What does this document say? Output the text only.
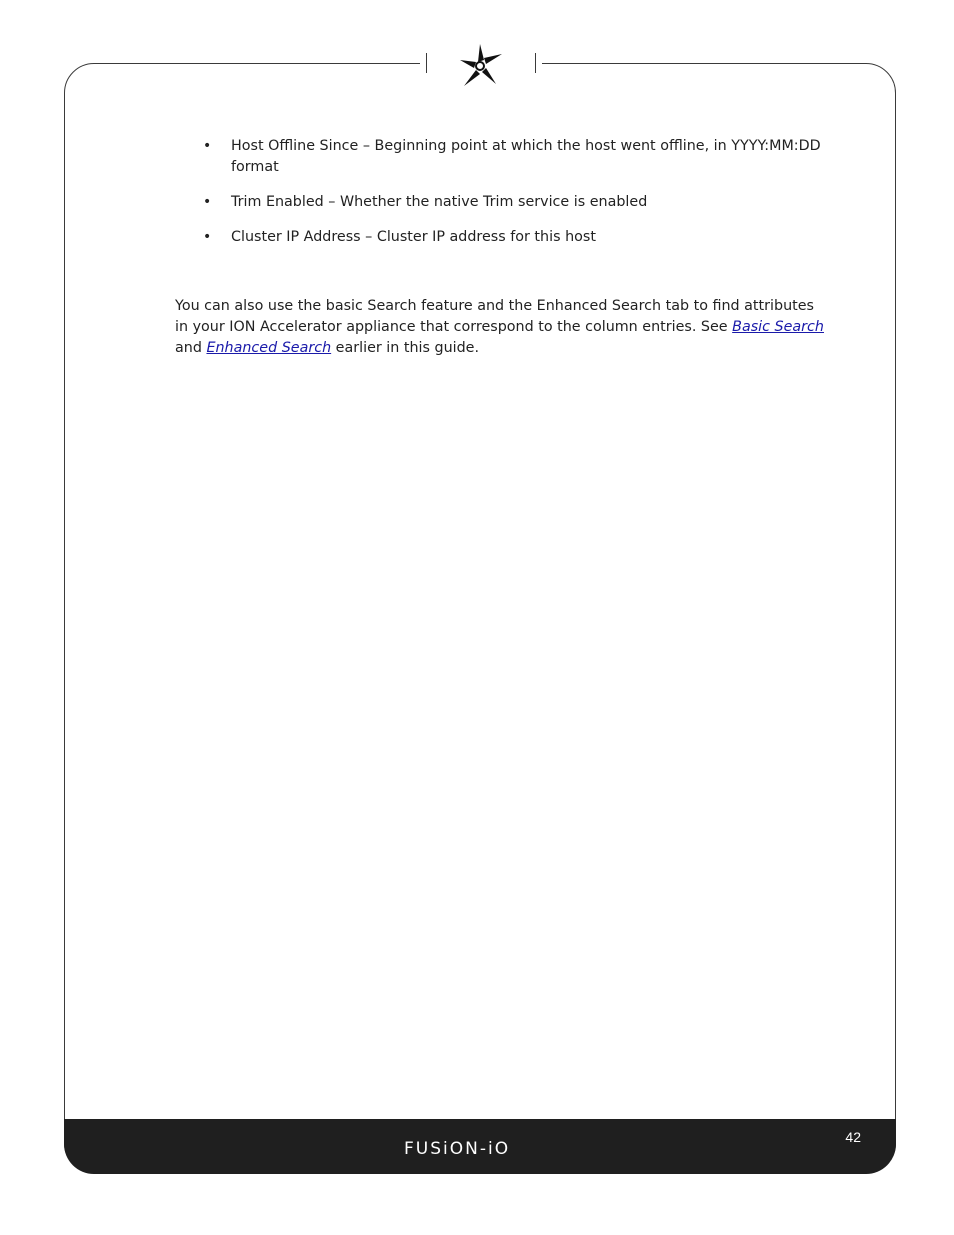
• Host Offline Since – Beginning point at which the host went offline, in YYYY:MM:DD format
• Trim Enabled – Whether the native Trim service is enabled
• Cluster IP Address – Cluster IP address for this host

You can also use the basic Search feature and the Enhanced Search tab to find attributes in your ION Accelerator appliance that correspond to the column entries. See Basic Search and Enhanced Search earlier in this guide.

FUSiON-iO
42
